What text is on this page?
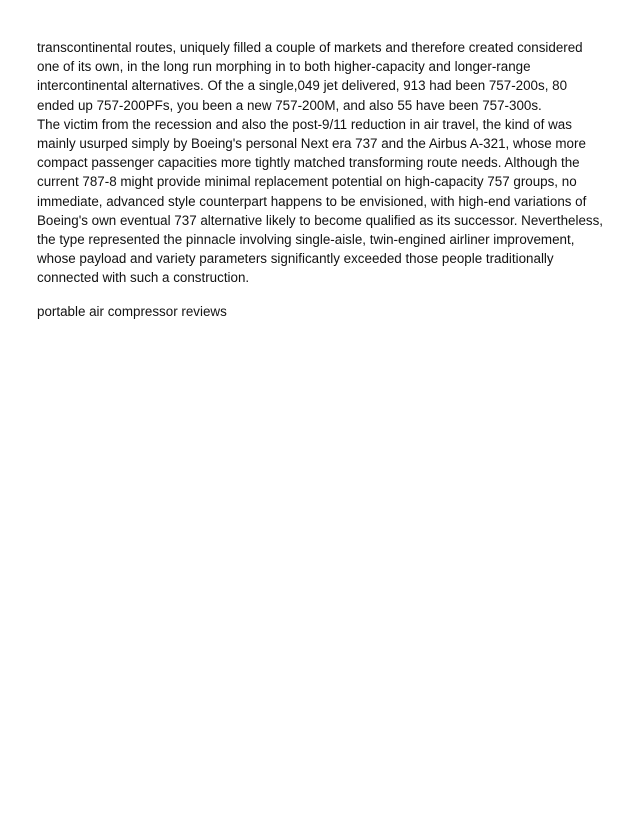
transcontinental routes, uniquely filled a couple of markets and therefore created considered one of its own, in the long run morphing in to both higher-capacity and longer-range intercontinental alternatives. Of the a single,049 jet delivered, 913 had been 757-200s, 80 ended up 757-200PFs, you been a new 757-200M, and also 55 have been 757-300s.

The victim from the recession and also the post-9/11 reduction in air travel, the kind of was mainly usurped simply by Boeing's personal Next era 737 and the Airbus A-321, whose more compact passenger capacities more tightly matched transforming route needs. Although the current 787-8 might provide minimal replacement potential on high-capacity 757 groups, no immediate, advanced style counterpart happens to be envisioned, with high-end variations of Boeing's own eventual 737 alternative likely to become qualified as its successor. Nevertheless, the type represented the pinnacle involving single-aisle, twin-engined airliner improvement, whose payload and variety parameters significantly exceeded those people traditionally connected with such a construction.

portable air compressor reviews
